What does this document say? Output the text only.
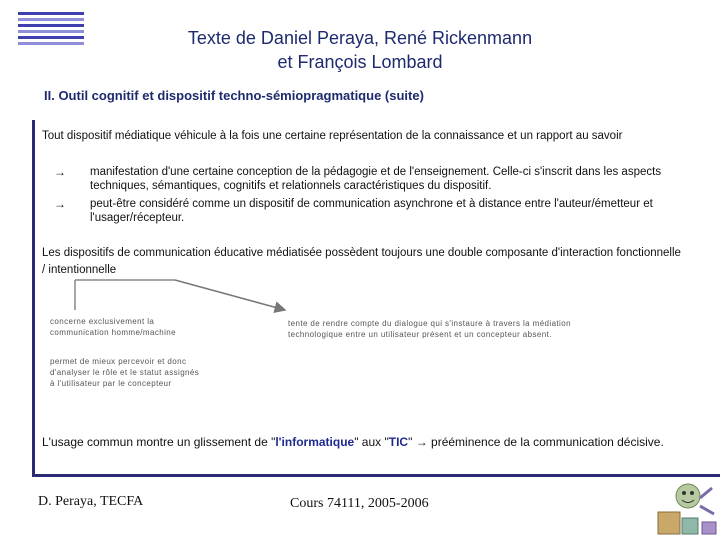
Texte de Daniel Peraya, René Rickenmann
et François Lombard
II. Outil cognitif et dispositif techno-sémiopragmatique (suite)
Tout dispositif médiatique véhicule à la fois une certaine représentation de la connaissance et un rapport au savoir
→ manifestation d'une certaine conception de la pédagogie et de l'enseignement. Celle-ci s'inscrit dans les aspects techniques, sémantiques, cognitifs et relationnels caractéristiques du dispositif.
→ peut-être considéré comme un dispositif de communication asynchrone et à distance entre l'auteur/émetteur et l'usager/récepteur.
Les dispositifs de communication éducative médiatisée possèdent toujours une double composante d'interaction fonctionnelle / intentionnelle
concerne exclusivement la communication homme/machine
tente de rendre compte du dialogue qui s'instaure à travers la médiation technologique entre un utilisateur présent et un concepteur absent.
permet de mieux percevoir et donc d'analyser le rôle et le statut assignés à l'utilisateur par le concepteur
L'usage commun montre un glissement de "l'informatique" aux "TIC" → prééminence de la communication décisive.
D. Peraya, TECFA	Cours 74111, 2005-2006
